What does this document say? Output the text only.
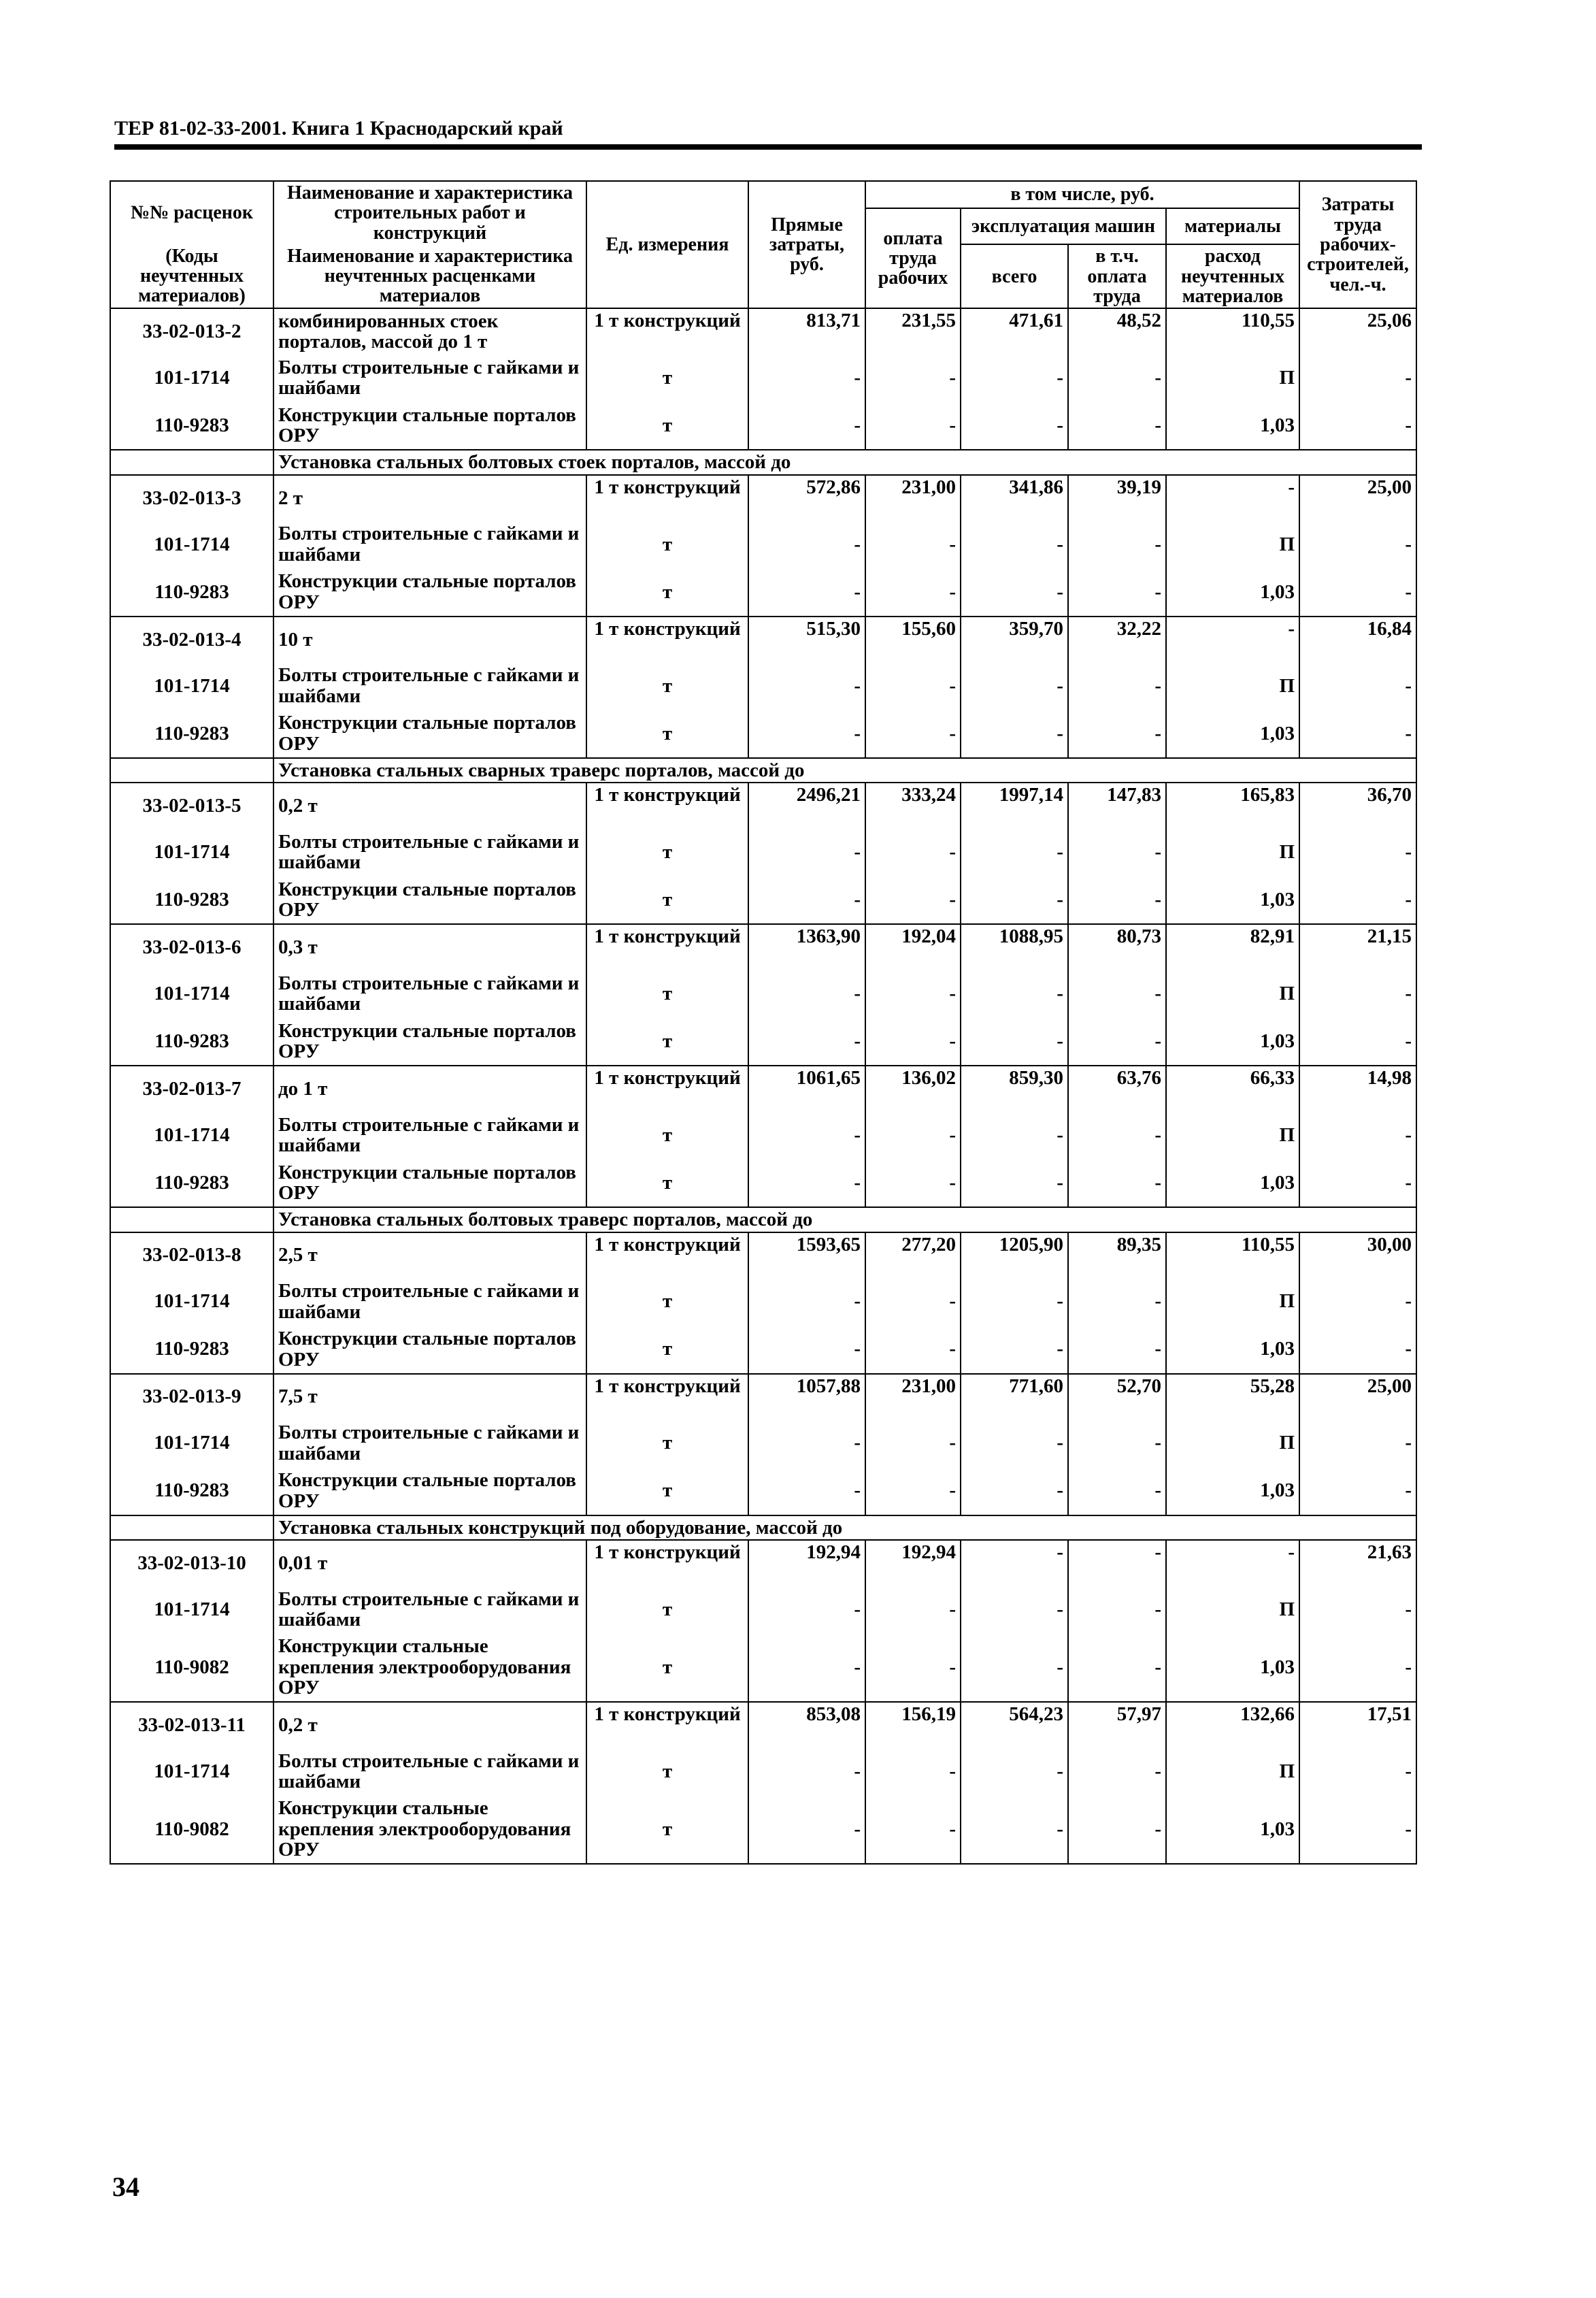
ТЕР 81-02-33-2001. Книга 1 Краснодарский край
№№ расценок	Наименование и характеристика строительных работ и конструкций	Ед. измерения	Прямые затраты, руб.	в том числе, руб.				Затраты труда рабочих-строителей, чел.-ч.
				оплата труда рабочих	эксплуатация машин		материалы	
(Коды неучтенных материалов)	Наименование и характеристика неучтенных расценками материалов				всего	в т.ч. оплата труда	расход неучтенных материалов	

33-02-013-2	комбинированных стоек порталов, массой до 1 т	1 т конструкций	813,71	231,55	471,61	48,52	110,55	25,06
101-1714	Болты строительные с гайками и шайбами	т	-	-	-	-	П	-
110-9283	Конструкции стальные порталов ОРУ	т	-	-	-	-	1,03	-
	Установка стальных болтовых стоек порталов, массой до							
33-02-013-3	2 т	1 т конструкций	572,86	231,00	341,86	39,19	-	25,00
101-1714	Болты строительные с гайками и шайбами	т	-	-	-	-	П	-
110-9283	Конструкции стальные порталов ОРУ	т	-	-	-	-	1,03	-
33-02-013-4	10 т	1 т конструкций	515,30	155,60	359,70	32,22	-	16,84
101-1714	Болты строительные с гайками и шайбами	т	-	-	-	-	П	-
110-9283	Конструкции стальные порталов ОРУ	т	-	-	-	-	1,03	-
	Установка стальных сварных траверс порталов, массой до							
33-02-013-5	0,2 т	1 т конструкций	2496,21	333,24	1997,14	147,83	165,83	36,70
101-1714	Болты строительные с гайками и шайбами	т	-	-	-	-	П	-
110-9283	Конструкции стальные порталов ОРУ	т	-	-	-	-	1,03	-
33-02-013-6	0,3 т	1 т конструкций	1363,90	192,04	1088,95	80,73	82,91	21,15
101-1714	Болты строительные с гайками и шайбами	т	-	-	-	-	П	-
110-9283	Конструкции стальные порталов ОРУ	т	-	-	-	-	1,03	-
33-02-013-7	до 1 т	1 т конструкций	1061,65	136,02	859,30	63,76	66,33	14,98
101-1714	Болты строительные с гайками и шайбами	т	-	-	-	-	П	-
110-9283	Конструкции стальные порталов ОРУ	т	-	-	-	-	1,03	-
	Установка стальных болтовых траверс порталов, массой до							
33-02-013-8	2,5 т	1 т конструкций	1593,65	277,20	1205,90	89,35	110,55	30,00
101-1714	Болты строительные с гайками и шайбами	т	-	-	-	-	П	-
110-9283	Конструкции стальные порталов ОРУ	т	-	-	-	-	1,03	-
33-02-013-9	7,5 т	1 т конструкций	1057,88	231,00	771,60	52,70	55,28	25,00
101-1714	Болты строительные с гайками и шайбами	т	-	-	-	-	П	-
110-9283	Конструкции стальные порталов ОРУ	т	-	-	-	-	1,03	-
	Установка стальных конструкций под оборудование, массой до							
33-02-013-10	0,01 т	1 т конструкций	192,94	192,94	-	-	-	21,63
101-1714	Болты строительные с гайками и шайбами	т	-	-	-	-	П	-
110-9082	Конструкции стальные крепления электрооборудования ОРУ	т	-	-	-	-	1,03	-
33-02-013-11	0,2 т	1 т конструкций	853,08	156,19	564,23	57,97	132,66	17,51
101-1714	Болты строительные с гайками и шайбами	т	-	-	-	-	П	-
110-9082	Конструкции стальные крепления электрооборудования ОРУ	т	-	-	-	-	1,03	-
34
